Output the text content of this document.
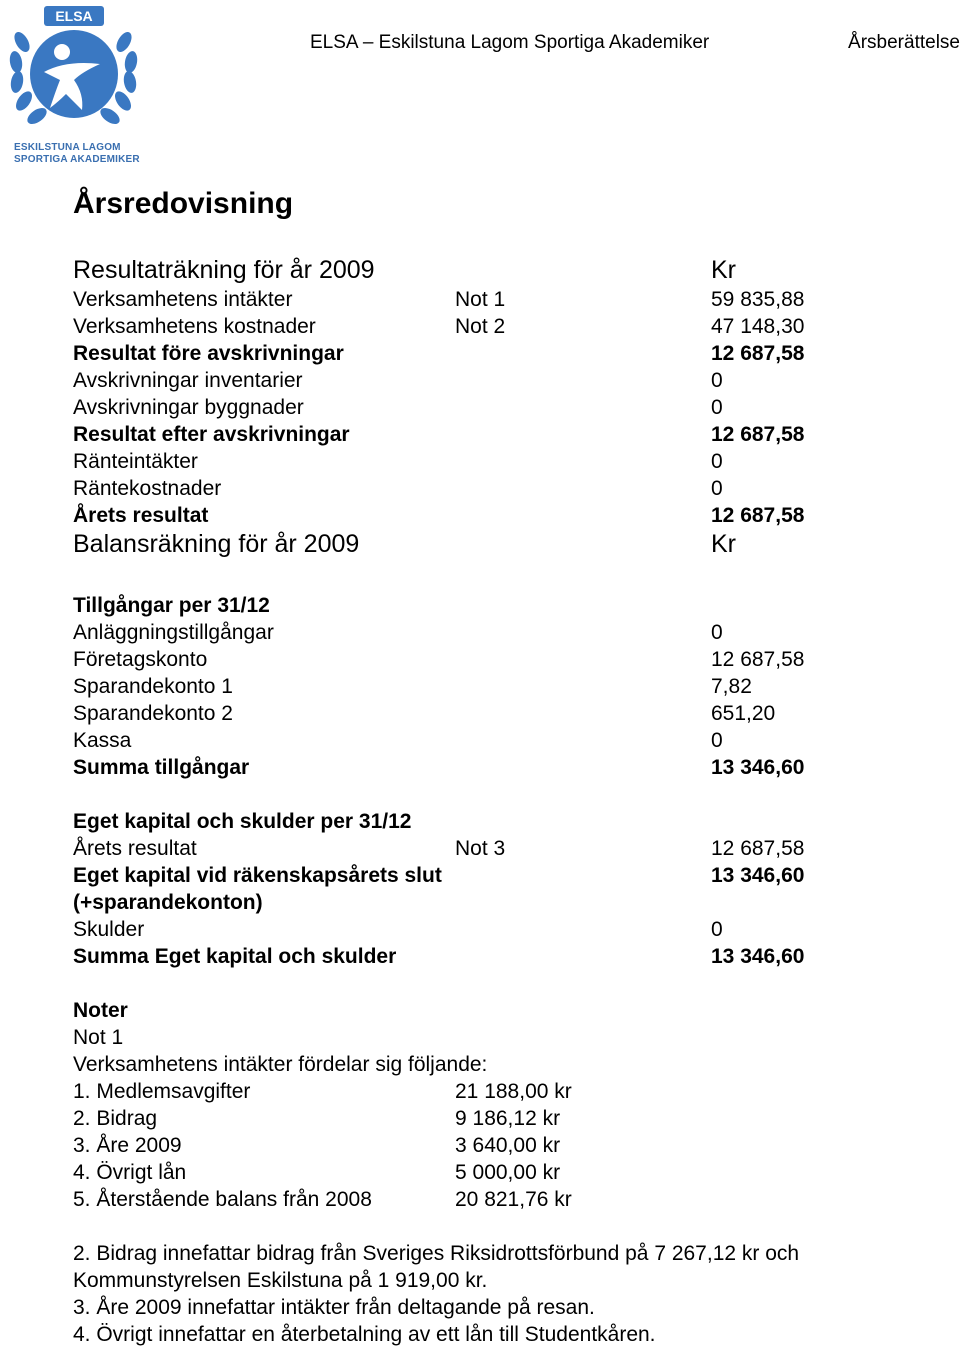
ELSA
ESKILSTUNA LAGOM
SPORTIGA AKADEMIKER
ELSA – Eskilstuna Lagom Sportiga Akademiker	Årsberättelse
Årsredovisning
Resultaträkning för år 2009	Kr
Verksamhetens intäkter	Not 1	59 835,88
Verksamhetens kostnader	Not 2	47 148,30
Resultat före avskrivningar	12 687,58
Avskrivningar inventarier	0
Avskrivningar byggnader	0
Resultat efter avskrivningar	12 687,58
Ränteintäkter	0
Räntekostnader	0
Årets resultat	12 687,58
Balansräkning för år 2009	Kr
Tillgångar per 31/12
Anläggningstillgångar	0
Företagskonto	12 687,58
Sparandekonto 1	7,82
Sparandekonto 2	651,20
Kassa	0
Summa tillgångar	13 346,60
Eget kapital och skulder per 31/12
Årets resultat	Not 3	12 687,58
Eget kapital vid räkenskapsårets slut	13 346,60
(+sparandekonton)
Skulder	0
Summa Eget kapital och skulder	13 346,60
Noter
Not 1
Verksamhetens intäkter fördelar sig följande:
1. Medlemsavgifter	21 188,00 kr
2. Bidrag	9 186,12 kr
3. Åre 2009	3 640,00 kr
4. Övrigt lån	5 000,00 kr
5. Återstående balans från 2008	20 821,76 kr
2. Bidrag innefattar bidrag från Sveriges Riksidrottsförbund på 7 267,12 kr och
Kommunstyrelsen Eskilstuna på 1 919,00 kr.
3. Åre 2009 innefattar intäkter från deltagande på resan.
4. Övrigt innefattar en återbetalning av ett lån till Studentkåren.
